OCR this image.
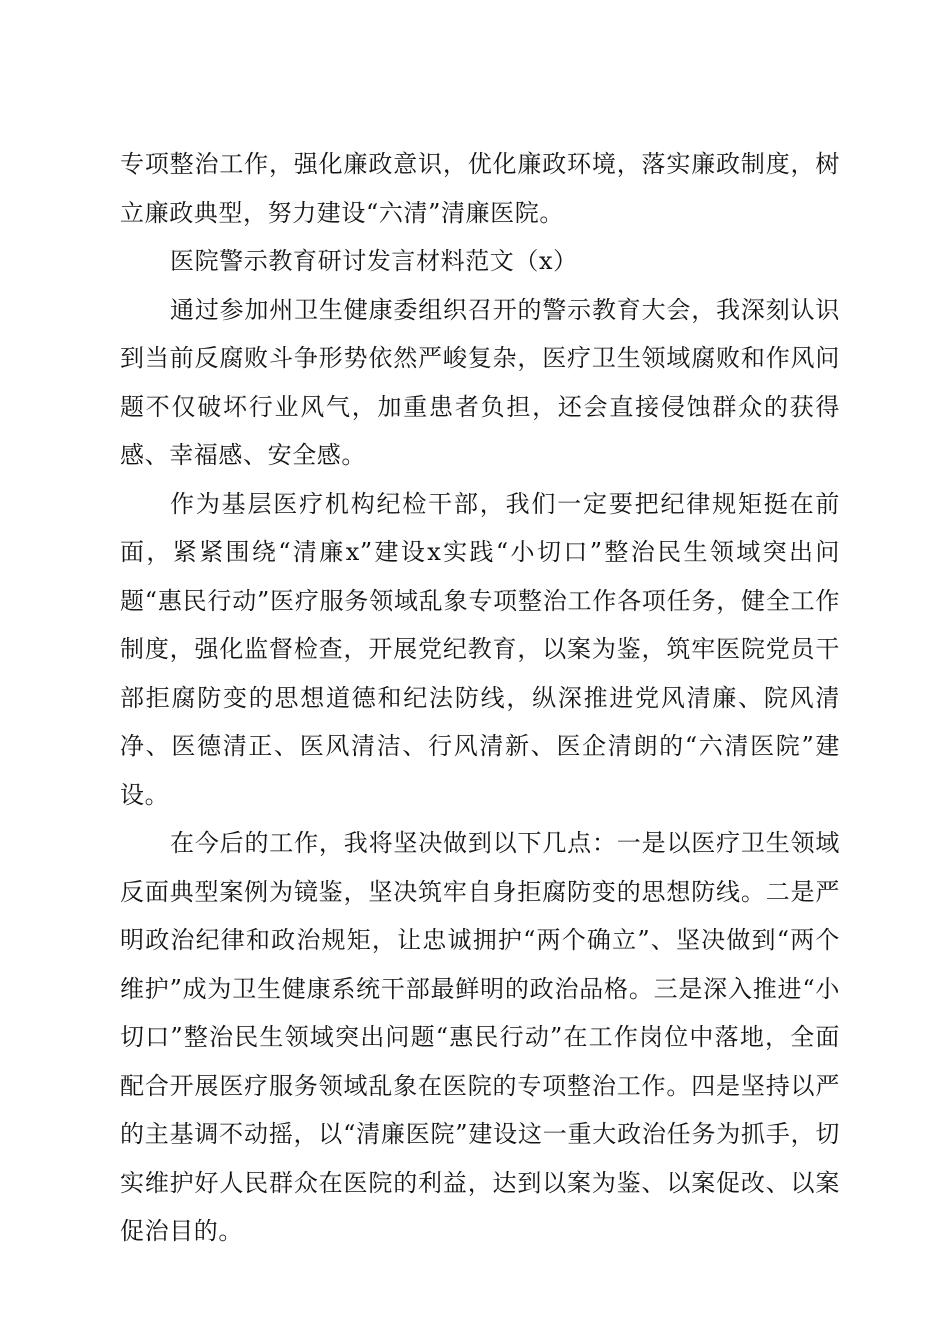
专项整治工作，强化廉政意识，优化廉政环境，落实廉政制度，树立廉政典型，努力建设“六清”清廉医院。

医院警示教育研讨发言材料范文（x）

通过参加州卫生健康委组织召开的警示教育大会，我深刻认识到当前反腐败斗争形势依然严峻复杂，医疗卫生领域腐败和作风问题不仅破坏行业风气，加重患者负担，还会直接侵蚀群众的获得感、幸福感、安全感。

作为基层医疗机构纪检干部，我们一定要把纪律规矩挺在前面，紧紧围绕“清廉x”建设x实践“小切口”整治民生领域突出问题“惠民行动”医疗服务领域乱象专项整治工作各项任务，健全工作制度，强化监督检查，开展党纪教育，以案为鉴，筑牢医院党员干部拒腐防变的思想道德和纪法防线，纵深推进党风清廉、院风清净、医德清正、医风清洁、行风清新、医企清朗的“六清医院”建设。

在今后的工作，我将坚决做到以下几点：一是以医疗卫生领域反面典型案例为镜鉴，坚决筑牢自身拒腐防变的思想防线。二是严明政治纪律和政治规矩，让忠诚拥护“两个确立”、坚决做到“两个维护”成为卫生健康系统干部最鲜明的政治品格。三是深入推进“小切口”整治民生领域突出问题“惠民行动”在工作岗位中落地，全面配合开展医疗服务领域乱象在医院的专项整治工作。四是坚持以严的主基调不动摇，以“清廉医院”建设这一重大政治任务为抓手，切实维护好人民群众在医院的利益，达到以案为鉴、以案促改、以案促治目的。
